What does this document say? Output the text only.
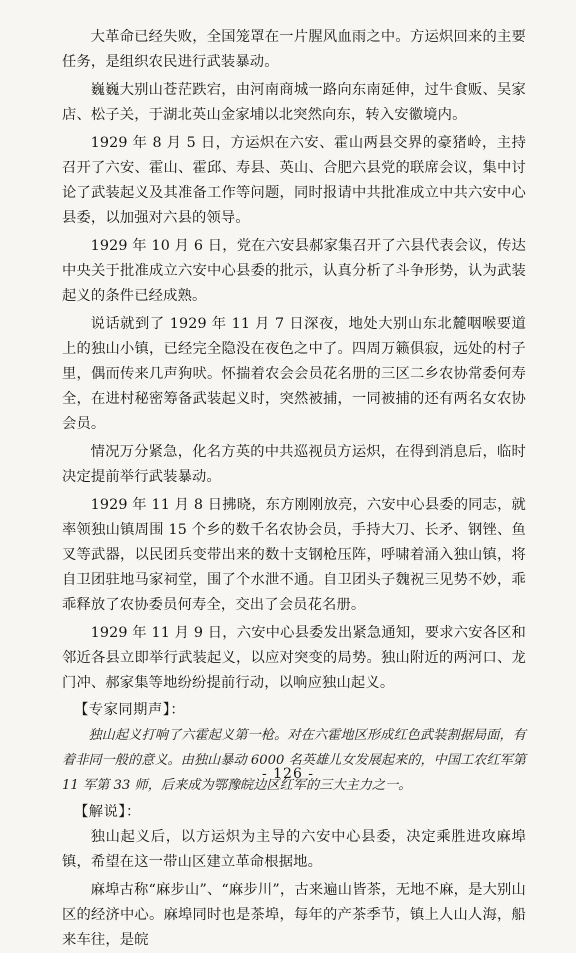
大革命已经失败，全国笼罩在一片腥风血雨之中。方运炽回来的主要任务，是组织农民进行武装暴动。

巍巍大别山苍茫跌宕，由河南商城一路向东南延伸，过牛食贩、吴家店、松子关，于湖北英山金家埔以北突然向东，转入安徽境内。

1929 年 8 月 5 日，方运炽在六安、霍山两县交界的豪猪岭，主持召开了六安、霍山、霍邱、寿县、英山、合肥六县党的联席会议，集中讨论了武装起义及其准备工作等问题，同时报请中共批准成立中共六安中心县委，以加强对六县的领导。

1929 年 10 月 6 日，党在六安县郝家集召开了六县代表会议，传达中央关于批准成立六安中心县委的批示，认真分析了斗争形势，认为武装起义的条件已经成熟。

说话就到了 1929 年 11 月 7 日深夜，地处大别山东北麓咽喉要道上的独山小镇，已经完全隐没在夜色之中了。四周万籁俱寂，远处的村子里，偶而传来几声狗吠。怀揣着农会会员花名册的三区二乡农协常委何寿全，在进村秘密筹备武装起义时，突然被捕，一同被捕的还有两名女农协会员。

情况万分紧急，化名方英的中共巡视员方运炽，在得到消息后，临时决定提前举行武装暴动。

1929 年 11 月 8 日拂晓，东方刚刚放亮，六安中心县委的同志，就率领独山镇周围 15 个乡的数千名农协会员，手持大刀、长矛、钢锉、鱼叉等武器，以民团兵变带出来的数十支钢枪压阵，呼啸着涌入独山镇，将自卫团驻地马家祠堂，围了个水泄不通。自卫团头子魏祝三见势不妙，乖乖释放了农协委员何寿全，交出了会员花名册。

1929 年 11 月 9 日，六安中心县委发出紧急通知，要求六安各区和邻近各县立即举行武装起义，以应对突变的局势。独山附近的两河口、龙门冲、郝家集等地纷纷提前行动，以响应独山起义。

【专家同期声】：

独山起义打响了六霍起义第一枪。对在六霍地区形成红色武装割据局面，有着非同一般的意义。由独山暴动 6000 名英雄儿女发展起来的，中国工农红军第 11 军第 33 师，后来成为鄂豫皖边区红军的三大主力之一。

【解说】：

独山起义后，以方运炽为主导的六安中心县委，决定乘胜进攻麻埠镇，希望在这一带山区建立革命根据地。

麻埠古称“麻步山”、“麻步川”，古来遍山皆茶，无地不麻，是大别山区的经济中心。麻埠同时也是茶埠，每年的产茶季节，镇上人山人海，船来车往，是皖

- 126 -
